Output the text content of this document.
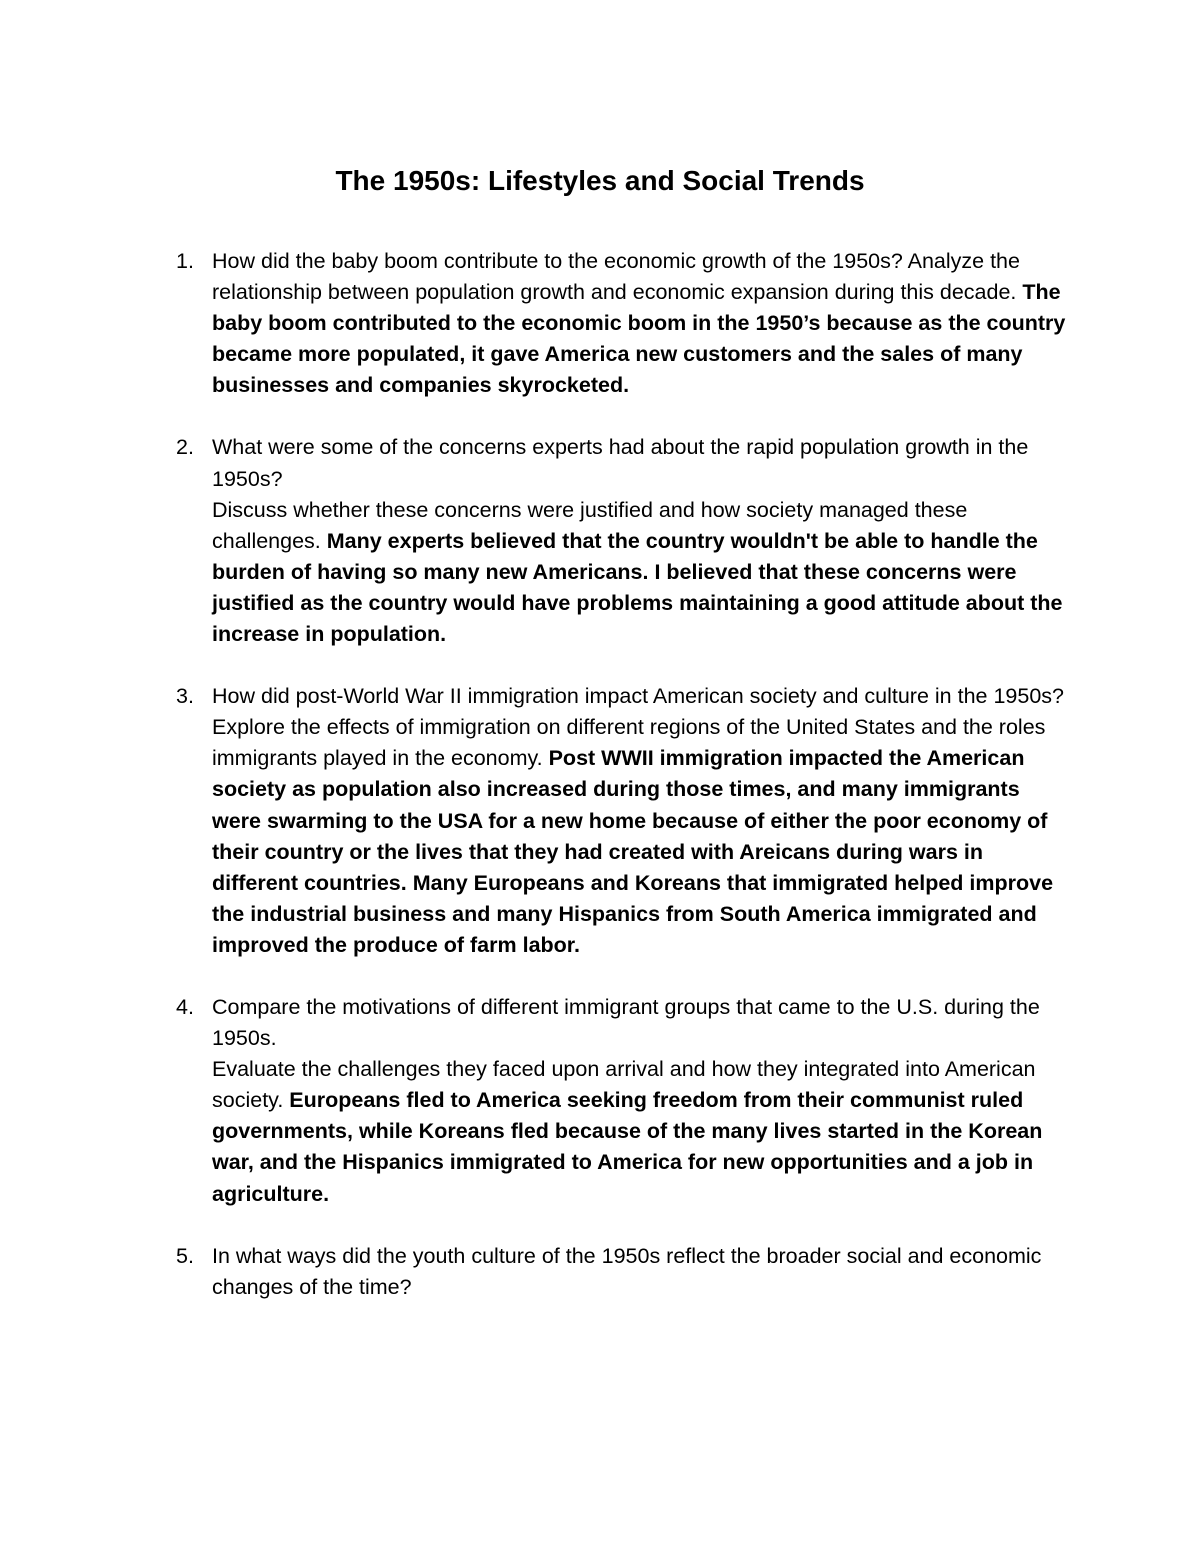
The 1950s: Lifestyles and Social Trends
1. How did the baby boom contribute to the economic growth of the 1950s? Analyze the relationship between population growth and economic expansion during this decade. The baby boom contributed to the economic boom in the 1950’s because as the country became more populated, it gave America new customers and the sales of many businesses and companies skyrocketed.
2. What were some of the concerns experts had about the rapid population growth in the 1950s?
Discuss whether these concerns were justified and how society managed these challenges. Many experts believed that the country wouldn't be able to handle the burden of having so many new Americans. I believed that these concerns were justified as the country would have problems maintaining a good attitude about the increase in population.
3. How did post-World War II immigration impact American society and culture in the 1950s?
Explore the effects of immigration on different regions of the United States and the roles immigrants played in the economy. Post WWII immigration impacted the American society as population also increased during those times, and many immigrants were swarming to the USA for a new home because of either the poor economy of their country or the lives that they had created with Areicans during wars in different countries. Many Europeans and Koreans that immigrated helped improve the industrial business and many Hispanics from South America immigrated and improved the produce of farm labor.
4. Compare the motivations of different immigrant groups that came to the U.S. during the 1950s.
Evaluate the challenges they faced upon arrival and how they integrated into American society. Europeans fled to America seeking freedom from their communist ruled governments, while Koreans fled because of the many lives started in the Korean war, and the Hispanics immigrated to America for new opportunities and a job in agriculture.
5. In what ways did the youth culture of the 1950s reflect the broader social and economic changes of the time?
